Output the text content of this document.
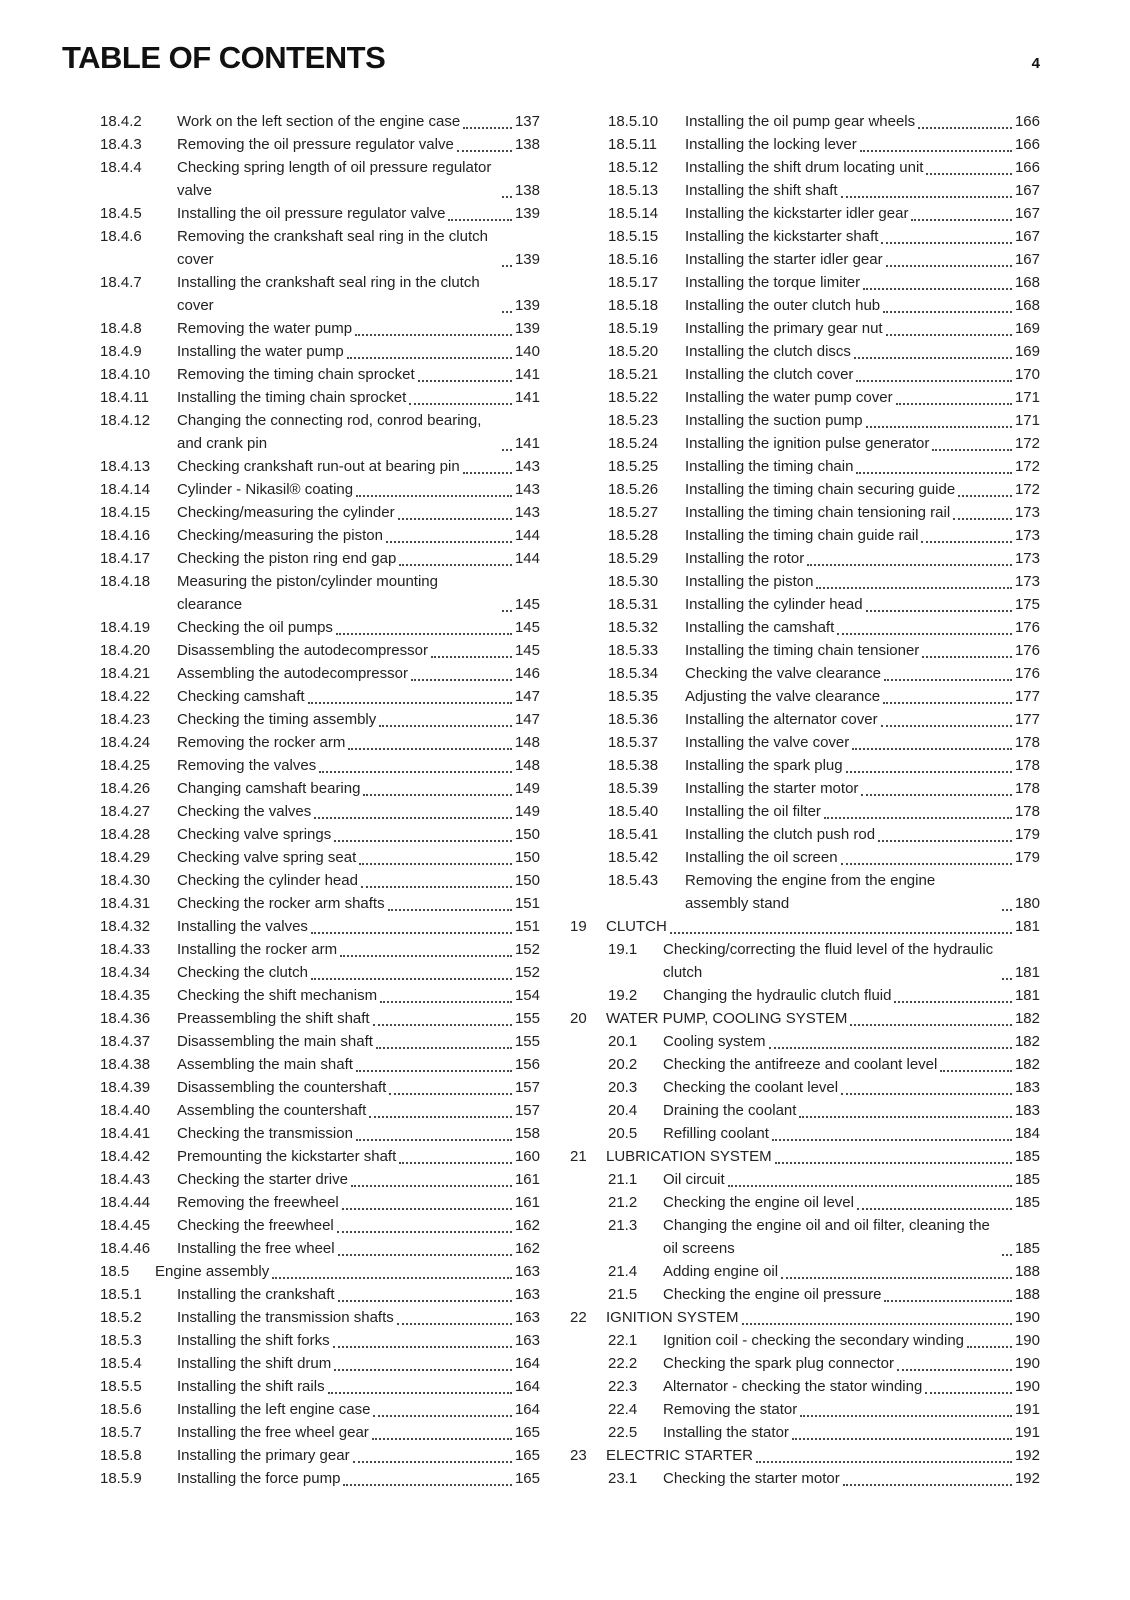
TABLE OF CONTENTS	4
18.4.2	Work on the left section of the engine case	137
18.4.3	Removing the oil pressure regulator valve	138
18.4.4	Checking spring length of oil pressure regulator valve	138
18.4.5	Installing the oil pressure regulator valve	139
18.4.6	Removing the crankshaft seal ring in the clutch cover	139
18.4.7	Installing the crankshaft seal ring in the clutch cover	139
18.4.8	Removing the water pump	139
18.4.9	Installing the water pump	140
18.4.10	Removing the timing chain sprocket	141
18.4.11	Installing the timing chain sprocket	141
18.4.12	Changing the connecting rod, conrod bearing, and crank pin	141
18.4.13	Checking crankshaft run-out at bearing pin	143
18.4.14	Cylinder - Nikasil® coating	143
18.4.15	Checking/measuring the cylinder	143
18.4.16	Checking/measuring the piston	144
18.4.17	Checking the piston ring end gap	144
18.4.18	Measuring the piston/cylinder mounting clearance	145
18.4.19	Checking the oil pumps	145
18.4.20	Disassembling the autodecompressor	145
18.4.21	Assembling the autodecompressor	146
18.4.22	Checking camshaft	147
18.4.23	Checking the timing assembly	147
18.4.24	Removing the rocker arm	148
18.4.25	Removing the valves	148
18.4.26	Changing camshaft bearing	149
18.4.27	Checking the valves	149
18.4.28	Checking valve springs	150
18.4.29	Checking valve spring seat	150
18.4.30	Checking the cylinder head	150
18.4.31	Checking the rocker arm shafts	151
18.4.32	Installing the valves	151
18.4.33	Installing the rocker arm	152
18.4.34	Checking the clutch	152
18.4.35	Checking the shift mechanism	154
18.4.36	Preassembling the shift shaft	155
18.4.37	Disassembling the main shaft	155
18.4.38	Assembling the main shaft	156
18.4.39	Disassembling the countershaft	157
18.4.40	Assembling the countershaft	157
18.4.41	Checking the transmission	158
18.4.42	Premounting the kickstarter shaft	160
18.4.43	Checking the starter drive	161
18.4.44	Removing the freewheel	161
18.4.45	Checking the freewheel	162
18.4.46	Installing the free wheel	162
18.5	Engine assembly	163
18.5.1	Installing the crankshaft	163
18.5.2	Installing the transmission shafts	163
18.5.3	Installing the shift forks	163
18.5.4	Installing the shift drum	164
18.5.5	Installing the shift rails	164
18.5.6	Installing the left engine case	164
18.5.7	Installing the free wheel gear	165
18.5.8	Installing the primary gear	165
18.5.9	Installing the force pump	165
18.5.10	Installing the oil pump gear wheels	166
18.5.11	Installing the locking lever	166
18.5.12	Installing the shift drum locating unit	166
18.5.13	Installing the shift shaft	167
18.5.14	Installing the kickstarter idler gear	167
18.5.15	Installing the kickstarter shaft	167
18.5.16	Installing the starter idler gear	167
18.5.17	Installing the torque limiter	168
18.5.18	Installing the outer clutch hub	168
18.5.19	Installing the primary gear nut	169
18.5.20	Installing the clutch discs	169
18.5.21	Installing the clutch cover	170
18.5.22	Installing the water pump cover	171
18.5.23	Installing the suction pump	171
18.5.24	Installing the ignition pulse generator	172
18.5.25	Installing the timing chain	172
18.5.26	Installing the timing chain securing guide	172
18.5.27	Installing the timing chain tensioning rail	173
18.5.28	Installing the timing chain guide rail	173
18.5.29	Installing the rotor	173
18.5.30	Installing the piston	173
18.5.31	Installing the cylinder head	175
18.5.32	Installing the camshaft	176
18.5.33	Installing the timing chain tensioner	176
18.5.34	Checking the valve clearance	176
18.5.35	Adjusting the valve clearance	177
18.5.36	Installing the alternator cover	177
18.5.37	Installing the valve cover	178
18.5.38	Installing the spark plug	178
18.5.39	Installing the starter motor	178
18.5.40	Installing the oil filter	178
18.5.41	Installing the clutch push rod	179
18.5.42	Installing the oil screen	179
18.5.43	Removing the engine from the engine assembly stand	180
19	CLUTCH	181
19.1	Checking/correcting the fluid level of the hydraulic clutch	181
19.2	Changing the hydraulic clutch fluid	181
20	WATER PUMP, COOLING SYSTEM	182
20.1	Cooling system	182
20.2	Checking the antifreeze and coolant level	182
20.3	Checking the coolant level	183
20.4	Draining the coolant	183
20.5	Refilling coolant	184
21	LUBRICATION SYSTEM	185
21.1	Oil circuit	185
21.2	Checking the engine oil level	185
21.3	Changing the engine oil and oil filter, cleaning the oil screens	185
21.4	Adding engine oil	188
21.5	Checking the engine oil pressure	188
22	IGNITION SYSTEM	190
22.1	Ignition coil - checking the secondary winding	190
22.2	Checking the spark plug connector	190
22.3	Alternator - checking the stator winding	190
22.4	Removing the stator	191
22.5	Installing the stator	191
23	ELECTRIC STARTER	192
23.1	Checking the starter motor	192
